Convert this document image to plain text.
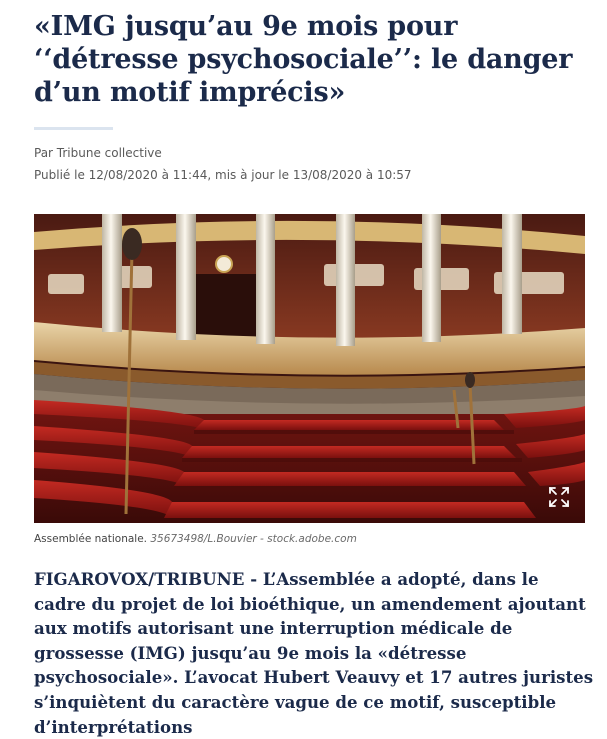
«IMG jusqu’au 9e mois pour ‘‘détresse psychosociale’’: le danger d’un motif imprécis»
Par Tribune collective
Publié le 12/08/2020 à 11:44, mis à jour le 13/08/2020 à 10:57
Assemblée nationale. 35673498/L.Bouvier - stock.adobe.com

FIGAROVOX/TRIBUNE - L’Assemblée a adopté, dans le cadre du projet de loi bioéthique, un amendement ajoutant aux motifs autorisant une interruption médicale de grossesse (IMG) jusqu’au 9e mois la «détresse psychosociale». L’avocat Hubert Veauvy et 17 autres juristes s’inquiètent du caractère vague de ce motif, susceptible d’interprétations
